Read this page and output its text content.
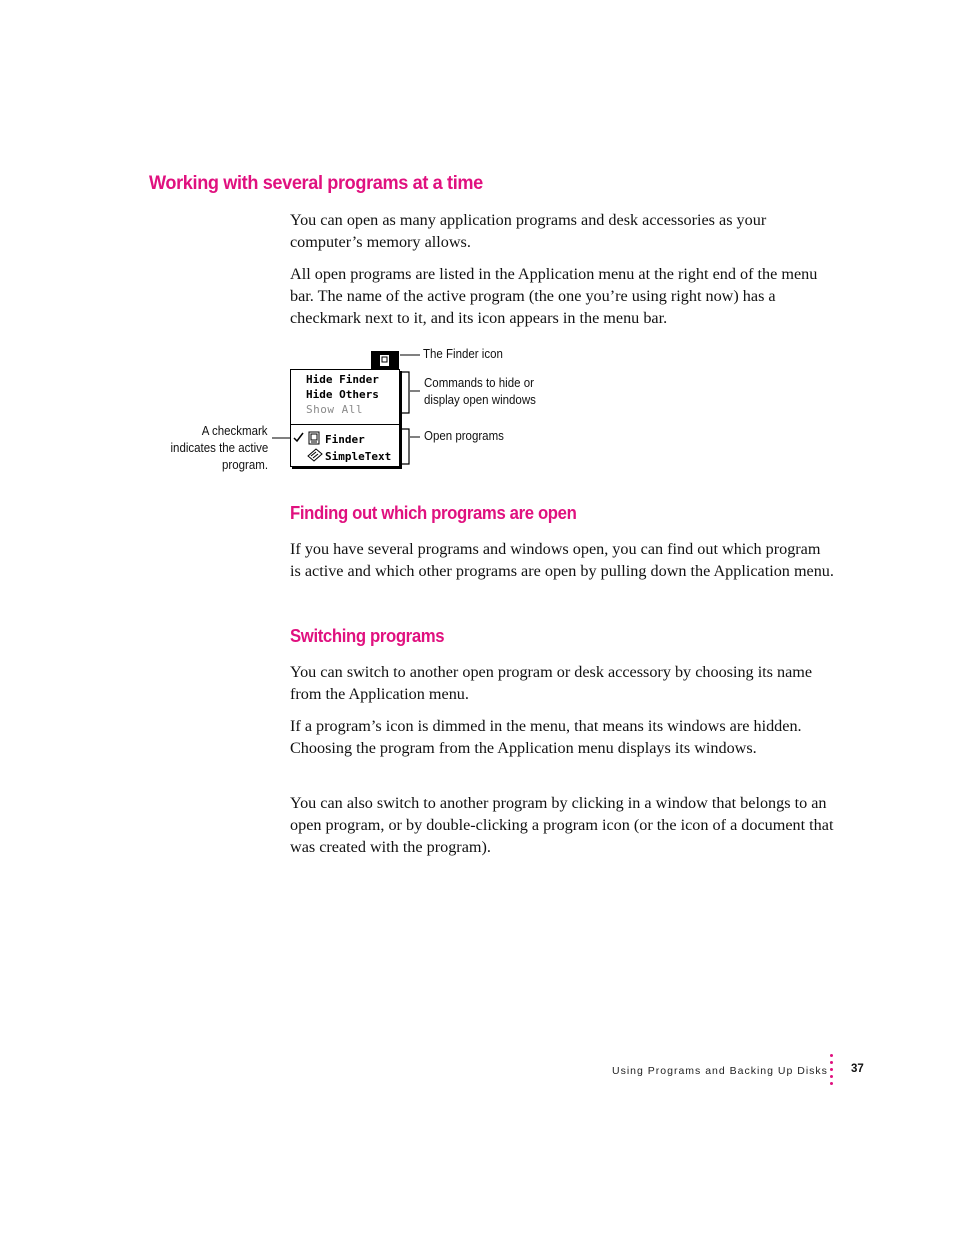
Working with several programs at a time

You can open as many application programs and desk accessories as your computer’s memory allows.

All open programs are listed in the Application menu at the right end of the menu bar. The name of the active program (the one you’re using right now) has a checkmark next to it, and its icon appears in the menu bar.

Hide Finder
Hide Others
Show All
Finder
SimpleText

The Finder icon

Commands to hide or

display open windows

Open programs

A checkmark

indicates the active

program.

Finding out which programs are open

If you have several programs and windows open, you can find out which program is active and which other programs are open by pulling down the Application menu.

Switching programs

You can switch to another open program or desk accessory by choosing its name from the Application menu.

If a program’s icon is dimmed in the menu, that means its windows are hidden. Choosing the program from the Application menu displays its windows.

You can also switch to another program by clicking in a window that belongs to an open program, or by double-clicking a program icon (or the icon of a document that was created with the program).

Using Programs and Backing Up Disks 37
